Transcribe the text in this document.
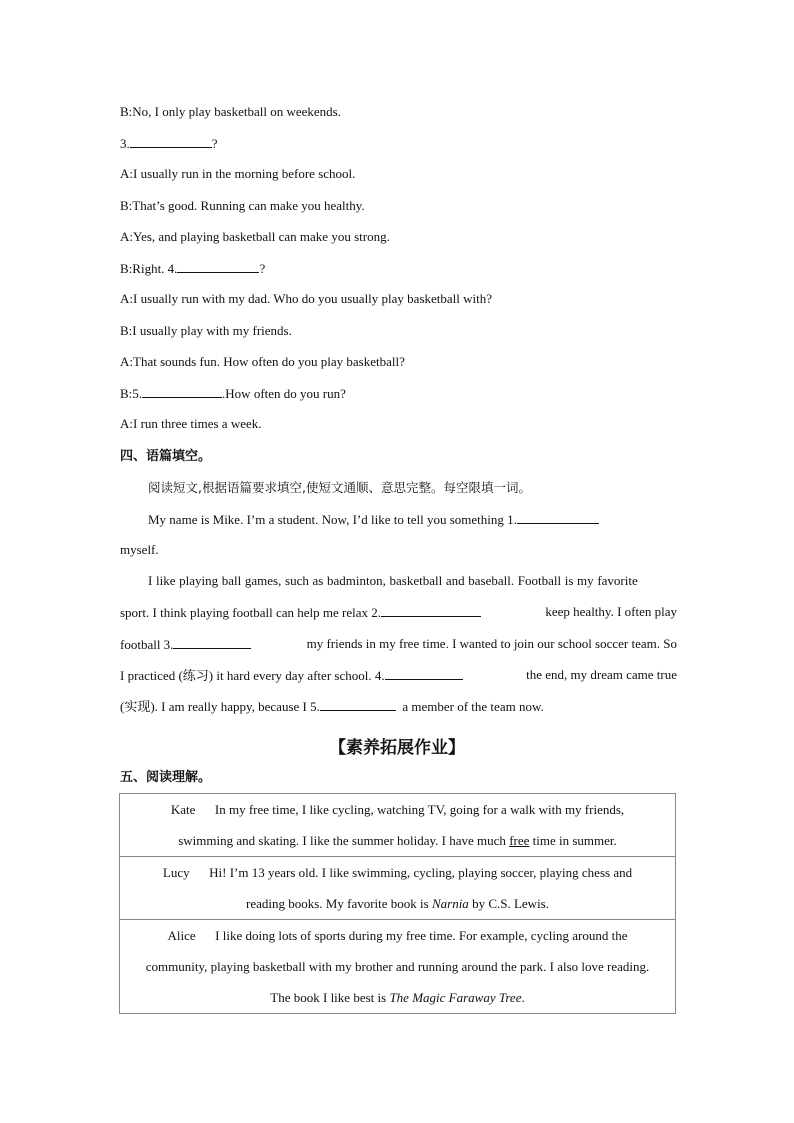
B:No, I only play basketball on weekends.
3.	?
A:I usually run in the morning before school.
B:That’s good. Running can make you healthy.
A:Yes, and playing basketball can make you strong.
B:Right. 4.	?
A:I usually run with my dad. Who do you usually play basketball with?
B:I usually play with my friends.
A:That sounds fun. How often do you play basketball?
B:5.	.How often do you run?
A:I run three times a week.
四、语篇填空。
阅读短文,根据语篇要求填空,使短文通顺、意思完整。每空限填一词。
My name is Mike. I’m a student. Now, I’d like to tell you something 1.
myself.
I like playing ball games, such as badminton, basketball and baseball. Football is my favorite
sport. I think playing football can help me relax 2.	keep healthy. I often play
football 3.	my friends in my free time. I wanted to join our school soccer team. So
I practiced (练习) it hard every day after school. 4.	the end, my dream came true
(实现). I am really happy, because I 5.	a member of the team now.
【素养拓展作业】
五、阅读理解。
Kate In my free time, I like cycling, watching TV, going for a walk with my friends,
swimming and skating. I like the summer holiday. I have much free time in summer.

Lucy Hi! I’m 13 years old. I like swimming, cycling, playing soccer, playing chess and
reading books. My favorite book is Narnia by C.S. Lewis.

Alice I like doing lots of sports during my free time. For example, cycling around the
community, playing basketball with my brother and running around the park. I also love reading.
The book I like best is The Magic Faraway Tree.
